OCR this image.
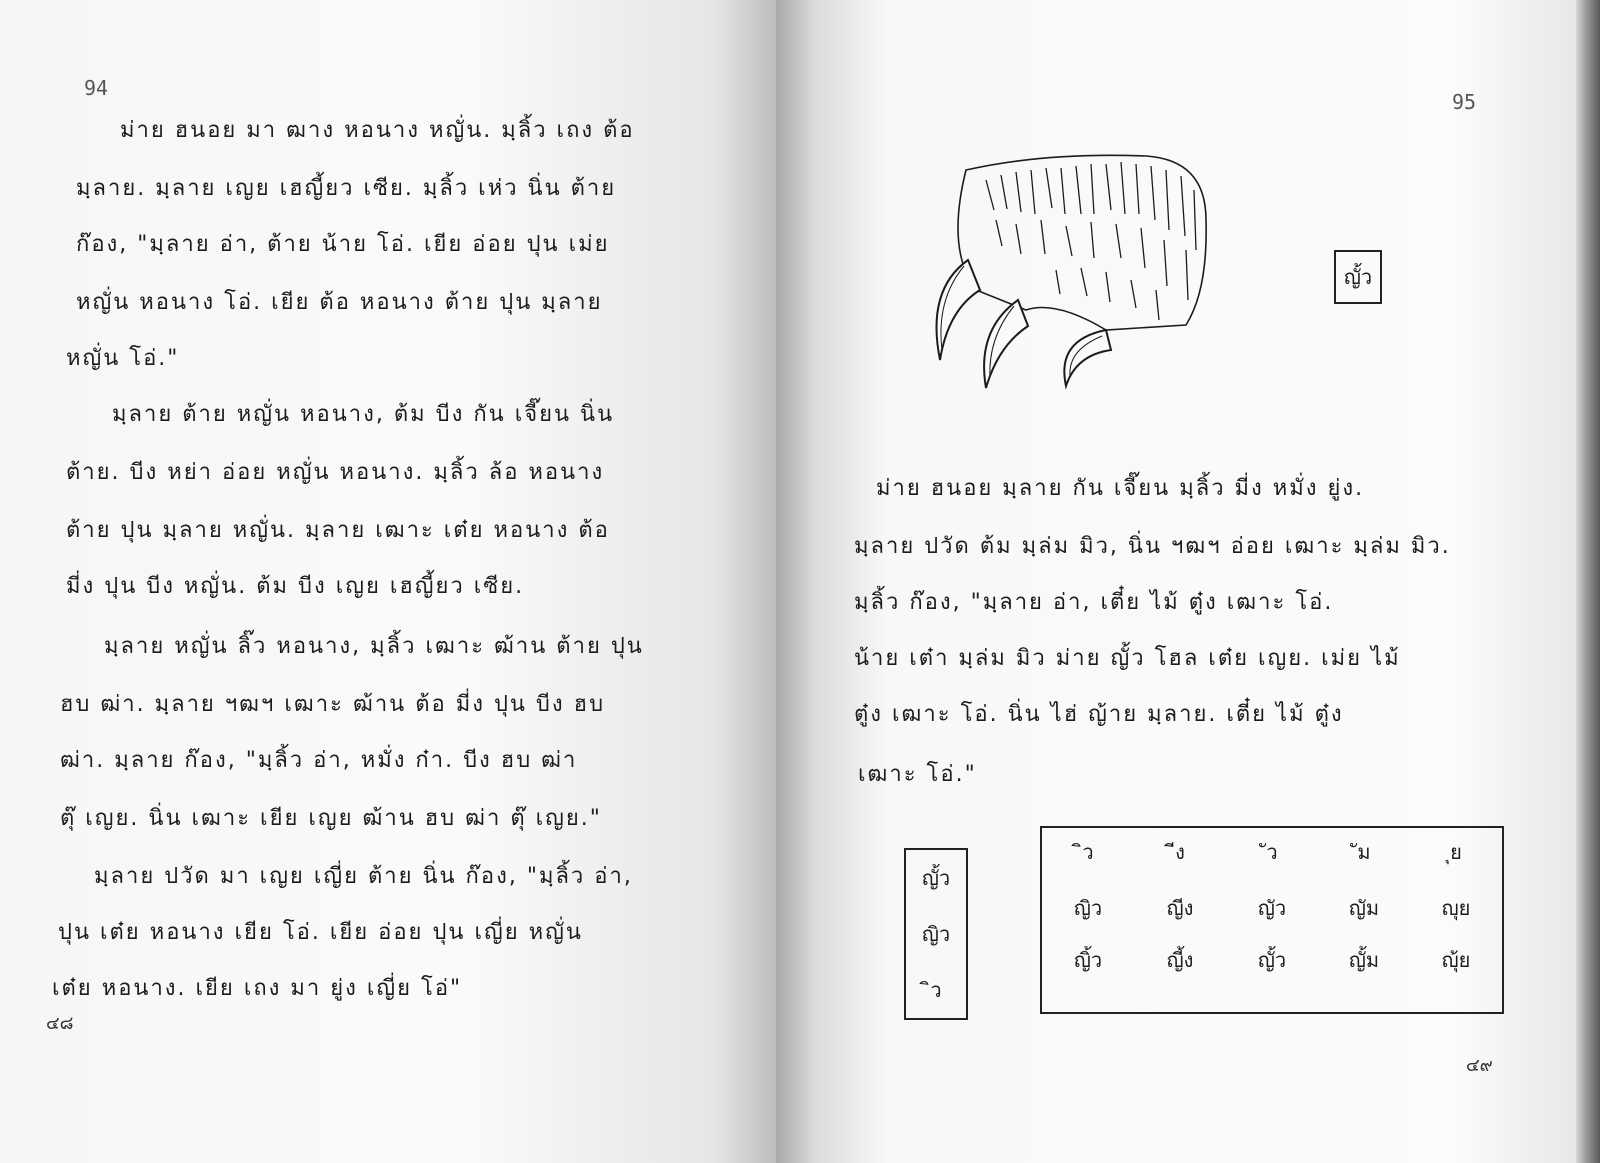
94
ม่าย ฮนอย มา ฒาง หอนาง หญั่น. มฺลิ้ว เถง ต้อ
มฺลาย. มฺลาย เญย เฮญี้ยว เซีย. มฺลิ้ว เห่ว นิ่น ต้าย
ก๊อง, "มฺลาย อ่า, ต้าย น้าย โอ่. เยีย อ่อย ปุน เม่ย
หญั่น หอนาง โอ่. เยีย ต้อ หอนาง ต้าย ปุน มฺลาย
หญั่น โอ่."
มฺลาย ต้าย หญั่น หอนาง, ต้ม บีง กัน เจี๊ยน นิ่น
ต้าย. บีง หย่า อ่อย หญั่น หอนาง. มฺลิ้ว ล้อ หอนาง
ต้าย ปุน มฺลาย หญั่น. มฺลาย เฒาะ เต๋ย หอนาง ต้อ
มี่ง ปุน บีง หญั่น. ต้ม บีง เญย เฮญี้ยว เซีย.
มฺลาย หญั่น ลิ๊ว หอนาง, มฺลิ้ว เฒาะ ฒ้าน ต้าย ปุน
ฮบ ฒ่า. มฺลาย ฯฒฯ เฒาะ ฒ้าน ต้อ มี่ง ปุน บีง ฮบ
ฒ่า. มฺลาย ก๊อง, "มฺลิ้ว อ่า, หมั่ง ก๋า. บีง ฮบ ฒ่า
ตุ๊ เญย. นิ่น เฒาะ เยีย เญย ฒ้าน ฮบ ฒ่า ตุ๊ เญย."
มฺลาย ปวัด มา เญย เญี่ย ต้าย นิ่น ก๊อง, "มฺลิ้ว อ่า,
ปุน เต๋ย หอนาง เยีย โอ่. เยีย อ่อย ปุน เญี่ย หญั่น
เต๋ย หอนาง. เยีย เถง มา ยู่ง เญี่ย โอ่"
๔๘
95
ญั้ว
ม่าย ฮนอย มฺลาย กัน เจี๊ยน มฺลิ้ว มี่ง หมั่ง ยู่ง.
มฺลาย ปวัด ต้ม มฺล่ม มิว, นิ่น ฯฒฯ อ่อย เฒาะ มฺล่ม มิว.
มฺลิ้ว ก๊อง, "มฺลาย อ่า, เตี๋ย ไม้ ตู๋ง เฒาะ โอ่.
น้าย เต๋า มฺล่ม มิว ม่าย ญั้ว โฮล เต๋ย เญย. เม่ย ไม้
ตู๋ง เฒาะ โอ่. นิ่น ไฮ่ ญ้าย มฺลาย. เตี๋ย ไม้ ตู๋ง
เฒาะ โอ่."
ญั้ว
ญิว
ิว
ิว	ีง	ัว	ัม	ุย
ญิว	ญีง	ญัว	ญัม	ญุย
ญิ้ว	ญี้ง	ญั้ว	ญั้ม	ญุ้ย
๔๙
